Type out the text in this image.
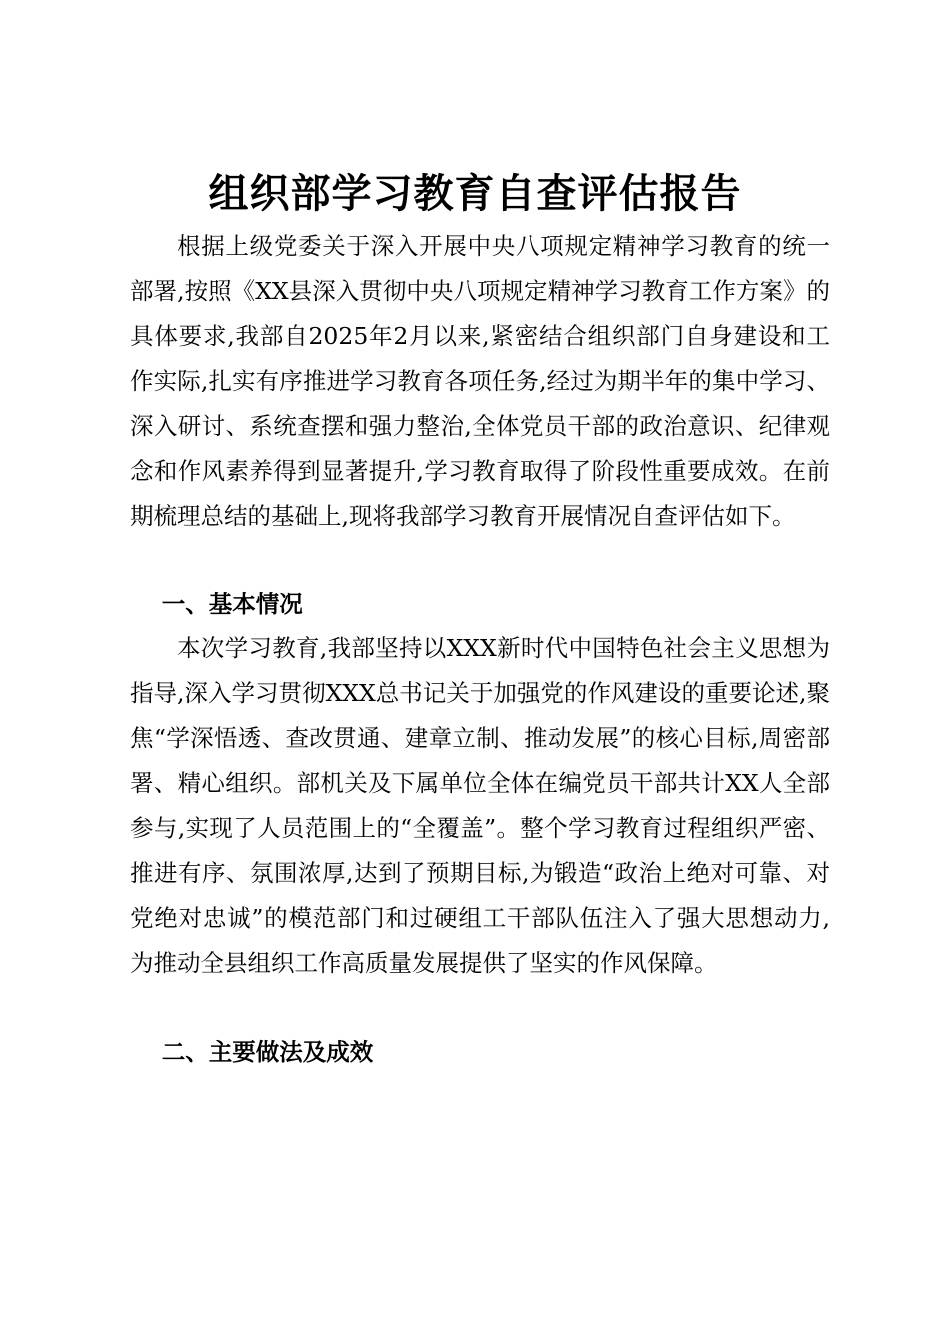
组织部学习教育自查评估报告

根据上级党委关于深入开展中央八项规定精神学习教育的统一部署,按照《XX县深入贯彻中央八项规定精神学习教育工作方案》的具体要求,我部自2025年2月以来,紧密结合组织部门自身建设和工作实际,扎实有序推进学习教育各项任务,经过为期半年的集中学习、深入研讨、系统查摆和强力整治,全体党员干部的政治意识、纪律观念和作风素养得到显著提升,学习教育取得了阶段性重要成效。在前期梳理总结的基础上,现将我部学习教育开展情况自查评估如下。

一、基本情况

本次学习教育,我部坚持以XXX新时代中国特色社会主义思想为指导,深入学习贯彻XXX总书记关于加强党的作风建设的重要论述,聚焦“学深悟透、查改贯通、建章立制、推动发展”的核心目标,周密部署、精心组织。部机关及下属单位全体在编党员干部共计XX人全部参与,实现了人员范围上的“全覆盖”。整个学习教育过程组织严密、推进有序、氛围浓厚,达到了预期目标,为锻造“政治上绝对可靠、对党绝对忠诚”的模范部门和过硬组工干部队伍注入了强大思想动力,为推动全县组织工作高质量发展提供了坚实的作风保障。

二、主要做法及成效
